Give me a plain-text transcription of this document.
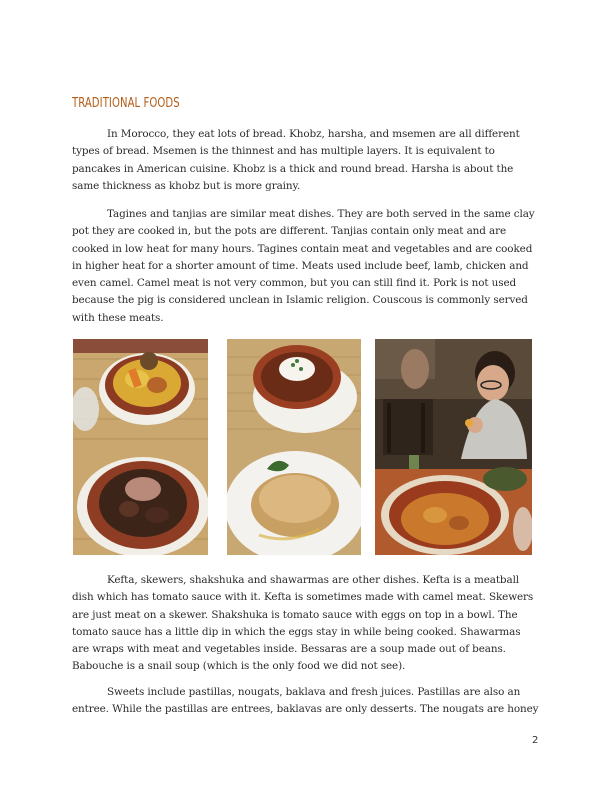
TRADITIONAL FOODS

In Morocco, they eat lots of bread. Khobz, harsha, and msemen are all different
types of bread. Msemen is the thinnest and has multiple layers. It is equivalent to
pancakes in American cuisine. Khobz is a thick and round bread. Harsha is about the
same thickness as khobz but is more grainy.

Tagines and tanjias are similar meat dishes. They are both served in the same clay
pot they are cooked in, but the pots are different. Tanjias contain only meat and are
cooked in low heat for many hours. Tagines contain meat and vegetables and are cooked
in higher heat for a shorter amount of time. Meats used include beef, lamb, chicken and
even camel. Camel meat is not very common, but you can still find it. Pork is not used
because the pig is considered unclean in Islamic religion. Couscous is commonly served
with these meats.

Kefta, skewers, shakshuka and shawarmas are other dishes. Kefta is a meatball
dish which has tomato sauce with it. Kefta is sometimes made with camel meat. Skewers
are just meat on a skewer. Shakshuka is tomato sauce with eggs on top in a bowl. The
tomato sauce has a little dip in which the eggs stay in while being cooked. Shawarmas
are wraps with meat and vegetables inside. Bessaras are a soup made out of beans.
Babouche is a snail soup (which is the only food we did not see).

Sweets include pastillas, nougats, baklava and fresh juices. Pastillas are also an
entree. While the pastillas are entrees, baklavas are only desserts. The nougats are honey

2
